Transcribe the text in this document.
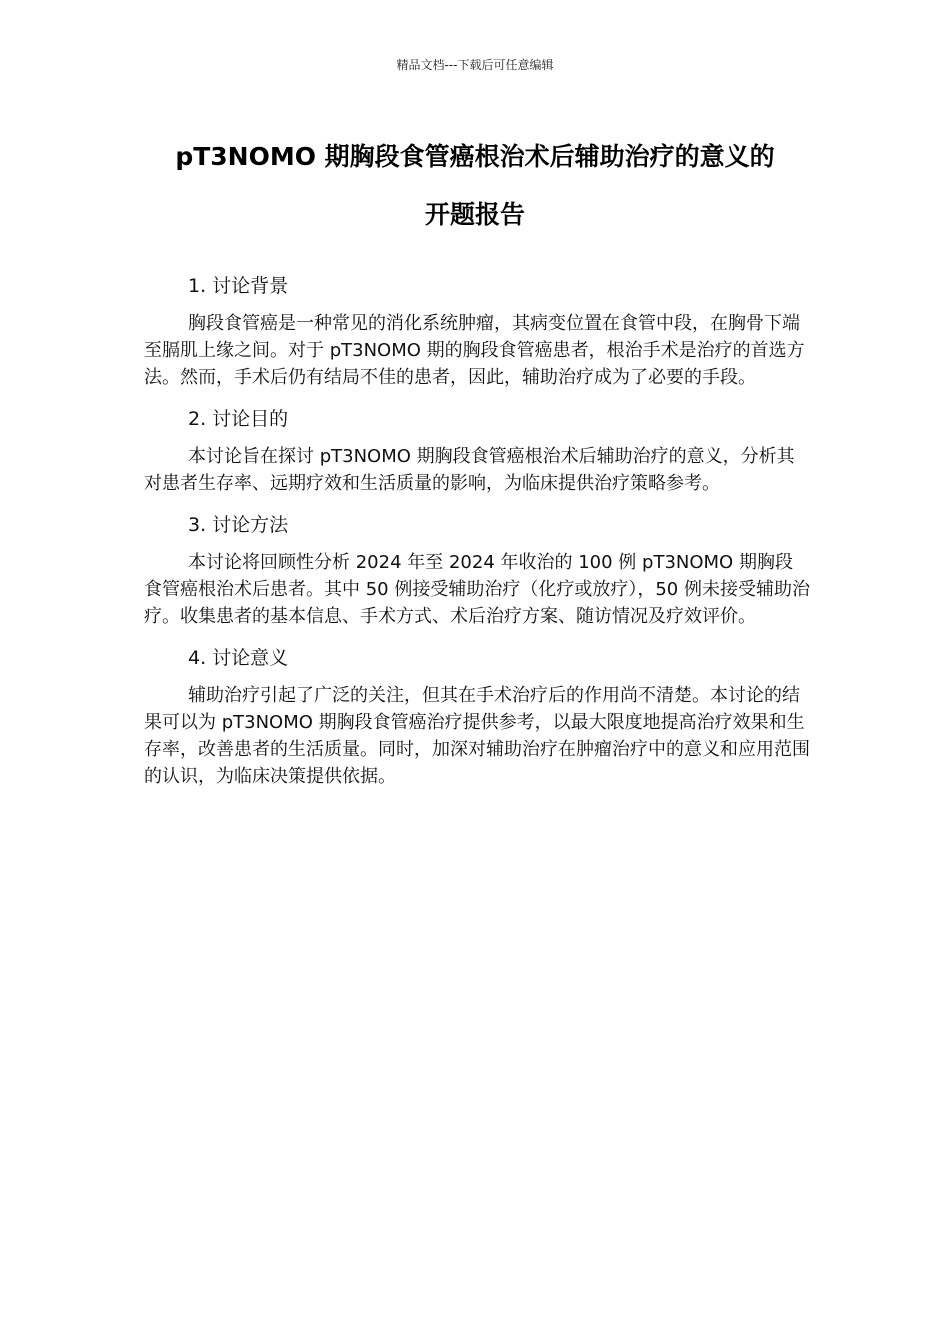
精品文档---下载后可任意编辑
pT3NOMO 期胸段食管癌根治术后辅助治疗的意义的
开题报告

1. 讨论背景

胸段食管癌是一种常见的消化系统肿瘤，其病变位置在食管中段，在胸骨下端至膈肌上缘之间。对于 pT3NOMO 期的胸段食管癌患者，根治手术是治疗的首选方法。然而，手术后仍有结局不佳的患者，因此，辅助治疗成为了必要的手段。

2. 讨论目的

本讨论旨在探讨 pT3NOMO 期胸段食管癌根治术后辅助治疗的意义，分析其对患者生存率、远期疗效和生活质量的影响，为临床提供治疗策略参考。

3. 讨论方法

本讨论将回顾性分析 2024 年至 2024 年收治的 100 例 pT3NOMO 期胸段食管癌根治术后患者。其中 50 例接受辅助治疗（化疗或放疗），50 例未接受辅助治疗。收集患者的基本信息、手术方式、术后治疗方案、随访情况及疗效评价。

4. 讨论意义

辅助治疗引起了广泛的关注，但其在手术治疗后的作用尚不清楚。本讨论的结果可以为 pT3NOMO 期胸段食管癌治疗提供参考，以最大限度地提高治疗效果和生存率，改善患者的生活质量。同时，加深对辅助治疗在肿瘤治疗中的意义和应用范围的认识，为临床决策提供依据。
